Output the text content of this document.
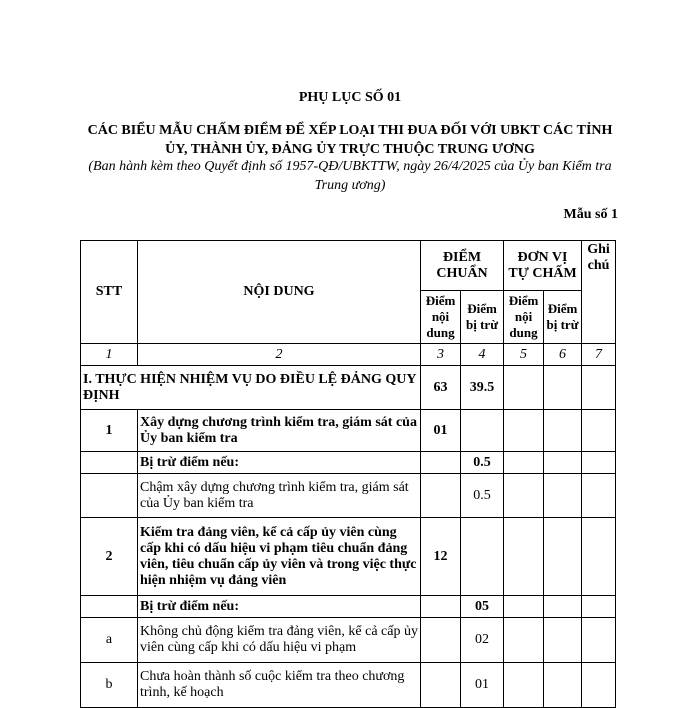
PHỤ LỤC SỐ 01
CÁC BIỂU MẪU CHẤM ĐIỂM ĐỂ XẾP LOẠI THI ĐUA ĐỐI VỚI UBKT CÁC TỈNH ỦY, THÀNH ỦY, ĐẢNG ỦY TRỰC THUỘC TRUNG ƯƠNG
(Ban hành kèm theo Quyết định số 1957-QĐ/UBKTTW, ngày 26/4/2025 của Ủy ban Kiểm tra Trung ương)
Mẫu số 1
STT	NỘI DUNG	ĐIỂM CHUẨN		ĐƠN VỊ TỰ CHẤM		Ghi chú
		Điểm nội dung	Điểm bị trừ	Điểm nội dung	Điểm bị trừ	
1	2	3	4	5	6	7
I. THỰC HIỆN NHIỆM VỤ DO ĐIỀU LỆ ĐẢNG QUY ĐỊNH		63	39.5			
1	Xây dựng chương trình kiểm tra, giám sát của Ủy ban kiểm tra	01				
	Bị trừ điểm nếu:		0.5			
	Chậm xây dựng chương trình kiểm tra, giám sát của Ủy ban kiểm tra		0.5			
2	Kiểm tra đảng viên, kể cả cấp ủy viên cùng cấp khi có dấu hiệu vi phạm tiêu chuẩn đảng viên, tiêu chuẩn cấp ủy viên và trong việc thực hiện nhiệm vụ đảng viên	12				
	Bị trừ điểm nếu:		05			
a	Không chủ động kiểm tra đảng viên, kể cả cấp ủy viên cùng cấp khi có dấu hiệu vi phạm		02			
b	Chưa hoàn thành số cuộc kiểm tra theo chương trình, kế hoạch		01			
